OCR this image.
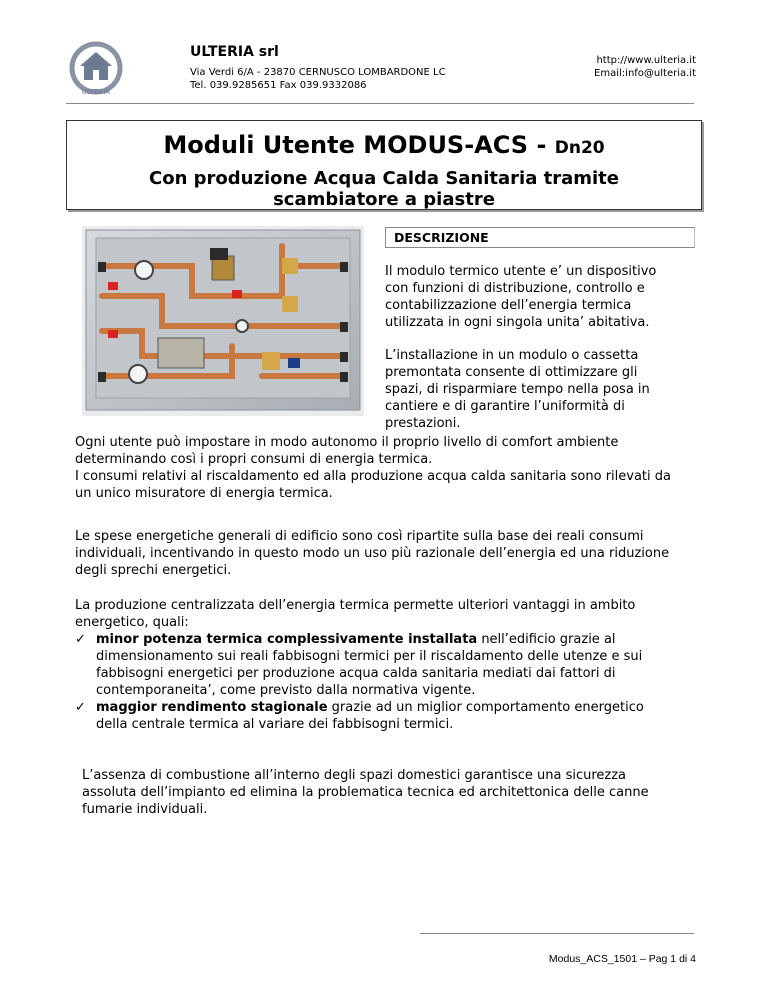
ULTERIA
ULTERIA srl
Via Verdi 6/A - 23870 CERNUSCO LOMBARDONE LC
Tel. 039.9285651 Fax 039.9332086
http://www.ulteria.it
Email:info@ulteria.it
Moduli Utente MODUS-ACS - Dn20
Con produzione Acqua Calda Sanitaria tramite
scambiatore a piastre
DESCRIZIONE
Il modulo termico utente e’ un dispositivo
con funzioni di distribuzione, controllo e
contabilizzazione dell’energia termica
utilizzata in ogni singola unita’ abitativa.
L’installazione in un modulo o cassetta
premontata consente di ottimizzare gli
spazi, di risparmiare tempo nella posa in
cantiere e di garantire l’uniformità di
prestazioni.
Ogni utente può impostare in modo autonomo il proprio livello di comfort ambiente
determinando così i propri consumi di energia termica.
I consumi relativi al riscaldamento ed alla produzione acqua calda sanitaria sono rilevati da
un unico misuratore di energia termica.
Le spese energetiche generali di edificio sono così ripartite sulla base dei reali consumi
individuali, incentivando in questo modo un uso più razionale dell’energia ed una riduzione
degli sprechi energetici.
La produzione centralizzata dell’energia termica permette ulteriori vantaggi in ambito
energetico, quali:
✓ minor potenza termica complessivamente installata nell’edificio grazie al
dimensionamento sui reali fabbisogni termici per il riscaldamento delle utenze e sui
fabbisogni energetici per produzione acqua calda sanitaria mediati dai fattori di
contemporaneita’, come previsto dalla normativa vigente.
✓ maggior rendimento stagionale grazie ad un miglior comportamento energetico
della centrale termica al variare dei fabbisogni termici.
L’assenza di combustione all’interno degli spazi domestici garantisce una sicurezza
assoluta dell’impianto ed elimina la problematica tecnica ed architettonica delle canne
fumarie individuali.
Modus_ACS_1501 – Pag 1 di 4
